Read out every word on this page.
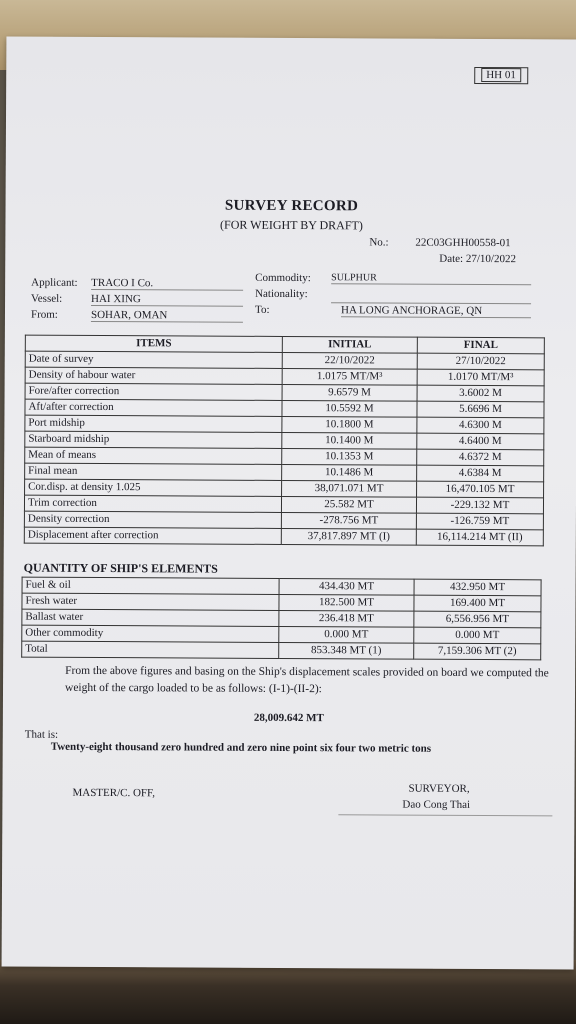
HH 01
SURVEY RECORD
(FOR WEIGHT BY DRAFT)
No.: 22C03GHH00558-01
Date: 27/10/2022
Applicant: TRACO I Co.
Vessel:	HAI XING
From:	SOHAR, OMAN
Commodity: SULPHUR
Nationality:
To:	HA LONG ANCHORAGE, QN
ITEMS	INITIAL	FINAL
Date of survey	22/10/2022	27/10/2022
Density of habour water	1.0175 MT/M³	1.0170 MT/M³
Fore/after correction	9.6579 M	3.6002 M
Aft/after correction	10.5592 M	5.6696 M
Port midship	10.1800 M	4.6300 M
Starboard midship	10.1400 M	4.6400 M
Mean of means	10.1353 M	4.6372 M
Final mean	10.1486 M	4.6384 M
Cor.disp. at density 1.025	38,071.071 MT	16,470.105 MT
Trim correction	25.582 MT	-229.132 MT
Density correction	-278.756 MT	-126.759 MT
Displacement after correction	37,817.897 MT (I)	16,114.214 MT (II)
QUANTITY OF SHIP'S ELEMENTS
Fuel & oil	434.430 MT	432.950 MT
Fresh water	182.500 MT	169.400 MT
Ballast water	236.418 MT	6,556.956 MT
Other commodity	0.000 MT	0.000 MT
Total	853.348 MT (1)	7,159.306 MT (2)
From the above figures and basing on the Ship's displacement scales provided on board we computed the weight of the cargo loaded to be as follows: (I-1)-(II-2):
28,009.642 MT
That is:
Twenty-eight thousand zero hundred and zero nine point six four two metric tons
MASTER/C. OFF,	SURVEYOR,
Dao Cong Thai
